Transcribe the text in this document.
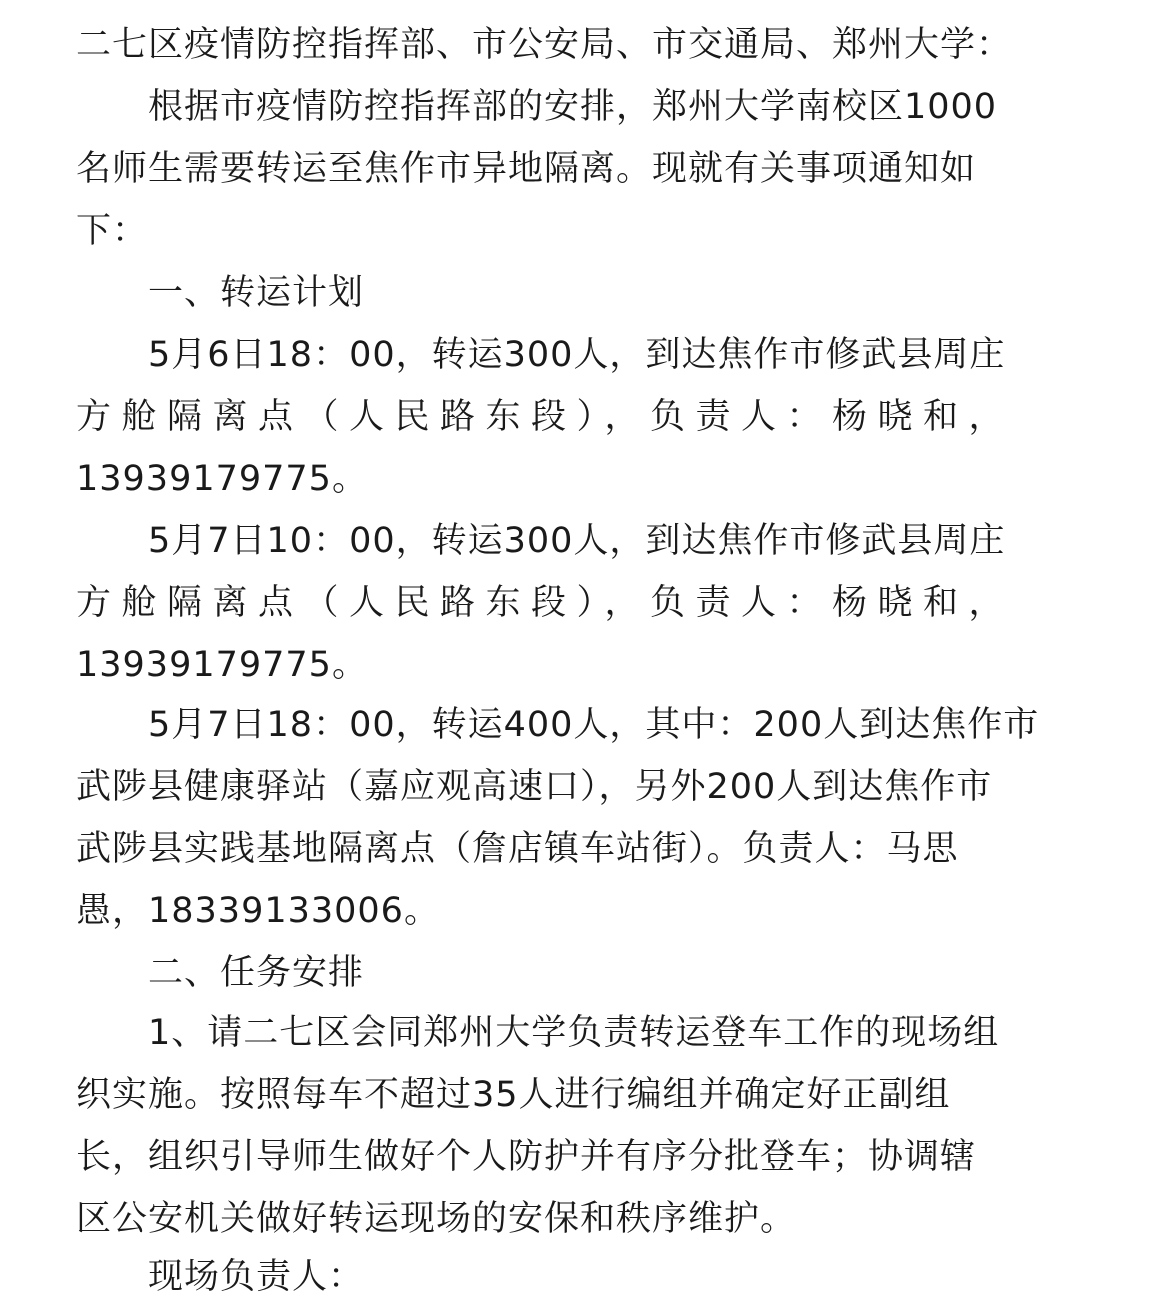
二七区疫情防控指挥部、市公安局、市交通局、郑州大学：
根据市疫情防控指挥部的安排，郑州大学南校区1000
名师生需要转运至焦作市异地隔离。现就有关事项通知如
下：
一、转运计划
5月6日18：00，转运300人，到达焦作市修武县周庄
方舱隔离点（人民路东段），负责人：杨晓和，
13939179775。
5月7日10：00，转运300人，到达焦作市修武县周庄
方舱隔离点（人民路东段），负责人：杨晓和，
13939179775。
5月7日18：00，转运400人，其中：200人到达焦作市
武陟县健康驿站（嘉应观高速口），另外200人到达焦作市
武陟县实践基地隔离点（詹店镇车站街）。负责人：马思
愚，18339133006。
二、任务安排
1、请二七区会同郑州大学负责转运登车工作的现场组
织实施。按照每车不超过35人进行编组并确定好正副组
长，组织引导师生做好个人防护并有序分批登车；协调辖
区公安机关做好转运现场的安保和秩序维护。
现场负责人：
